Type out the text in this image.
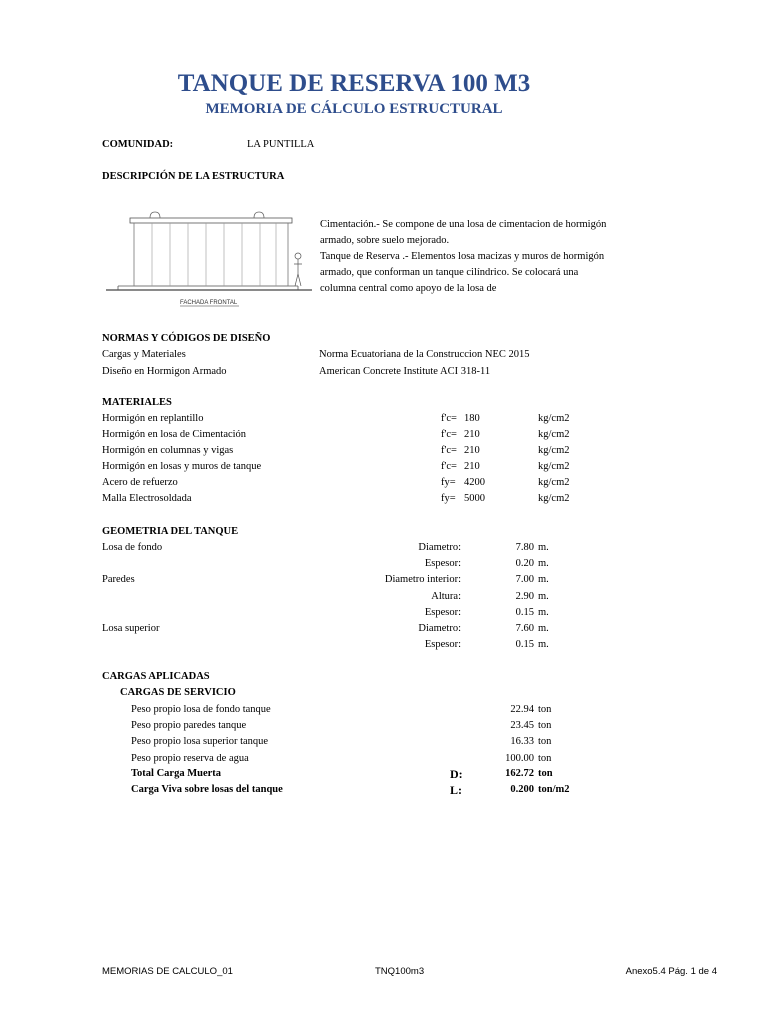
TANQUE DE RESERVA 100 M3
MEMORIA DE CÁLCULO ESTRUCTURAL
COMUNIDAD:	LA PUNTILLA
DESCRIPCIÓN DE LA ESTRUCTURA
FACHADA FRONTAL
Cimentación.- Se compone de una losa de cimentacion de hormigón armado, sobre suelo mejorado.
Tanque de Reserva .- Elementos losa macizas y muros de hormigón armado, que conforman un tanque cilíndrico. Se colocará una columna central como apoyo de la losa de
NORMAS Y CÓDIGOS DE DISEÑO
Cargas y Materiales	Norma Ecuatoriana de la Construccion NEC 2015
Diseño en Hormigon Armado	American Concrete Institute ACI 318-11
MATERIALES
Hormigón en replantillo	f'c= 180	kg/cm2
Hormigón en losa de Cimentación	f'c= 210	kg/cm2
Hormigón en columnas y vigas	f'c= 210	kg/cm2
Hormigón en losas y muros de tanque	f'c= 210	kg/cm2
Acero de refuerzo	fy= 4200	kg/cm2
Malla Electrosoldada	fy= 5000	kg/cm2
GEOMETRIA DEL TANQUE
Losa de fondo	Diametro:	7.80 m.
Espesor:	0.20 m.
Paredes	Diametro interior:	7.00 m.
Altura:	2.90 m.
Espesor:	0.15 m.
Losa superior	Diametro:	7.60 m.
Espesor:	0.15 m.
CARGAS APLICADAS
CARGAS DE SERVICIO
Peso propio losa de fondo tanque	22.94 ton
Peso propio paredes tanque	23.45 ton
Peso propio losa superior tanque	16.33 ton
Peso propio reserva de agua	100.00 ton
Total Carga Muerta	D:	162.72 ton
Carga Viva sobre losas del tanque	L:	0.200 ton/m2
MEMORIAS DE CALCULO_01	TNQ100m3	Anexo5.4 Pág. 1 de 4
